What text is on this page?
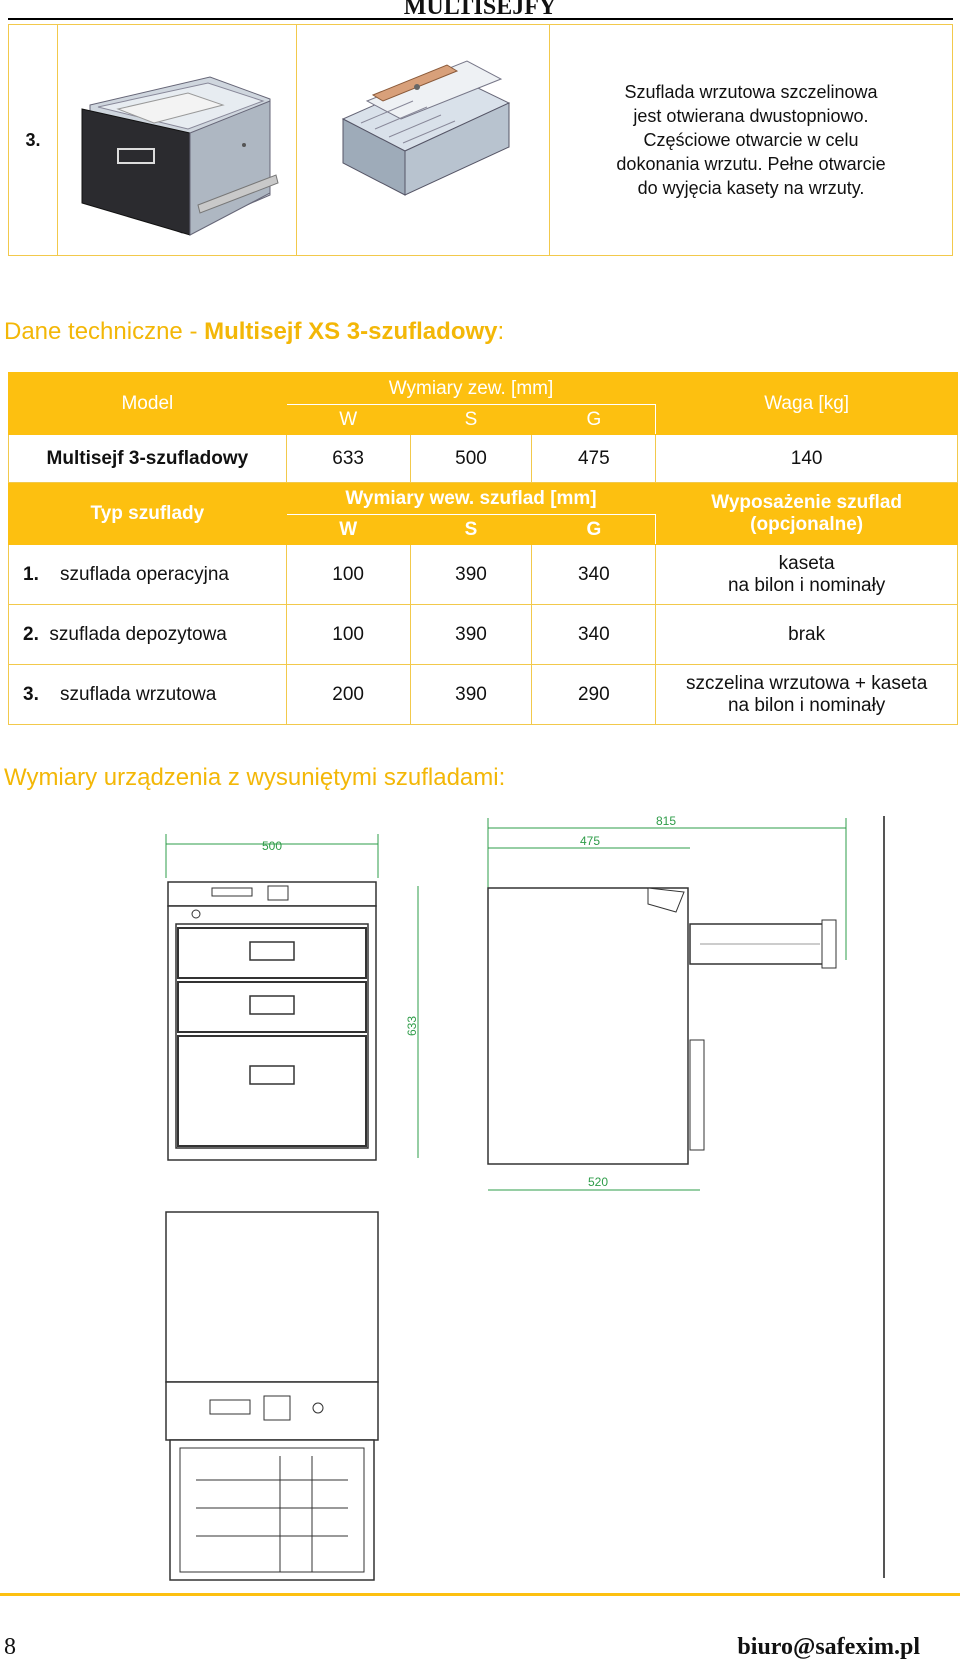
MULTISEJFY
3.			
Szuflada wrzutowa szczelinowa
jest otwierana dwustopniowo.
Częściowe otwarcie w celu
dokonania wrzutu. Pełne otwarcie
do wyjęcia kasety na wrzuty.
Dane techniczne - Multisejf XS 3-szufladowy:
Model	Wymiary zew. [mm]			Waga [kg]
	W	S	G	
Multisejf 3-szufladowy	633	500	475	140
Typ szuflady	Wymiary wew. szuflad [mm]			Wyposażenie szuflad
(opcjonalne)

	W	S	G	
1. szuflada operacyjna	100	390	340	kaseta
na bilon i nominały

2. szuflada depozytowa	100	390	340	brak

3. szuflada wrzutowa	200	390	290	szczelina wrzutowa + kaseta
na bilon i nominały
Wymiary urządzenia z wysuniętymi szufladami:
500
633
815
475
520
8	biuro@safexim.pl
